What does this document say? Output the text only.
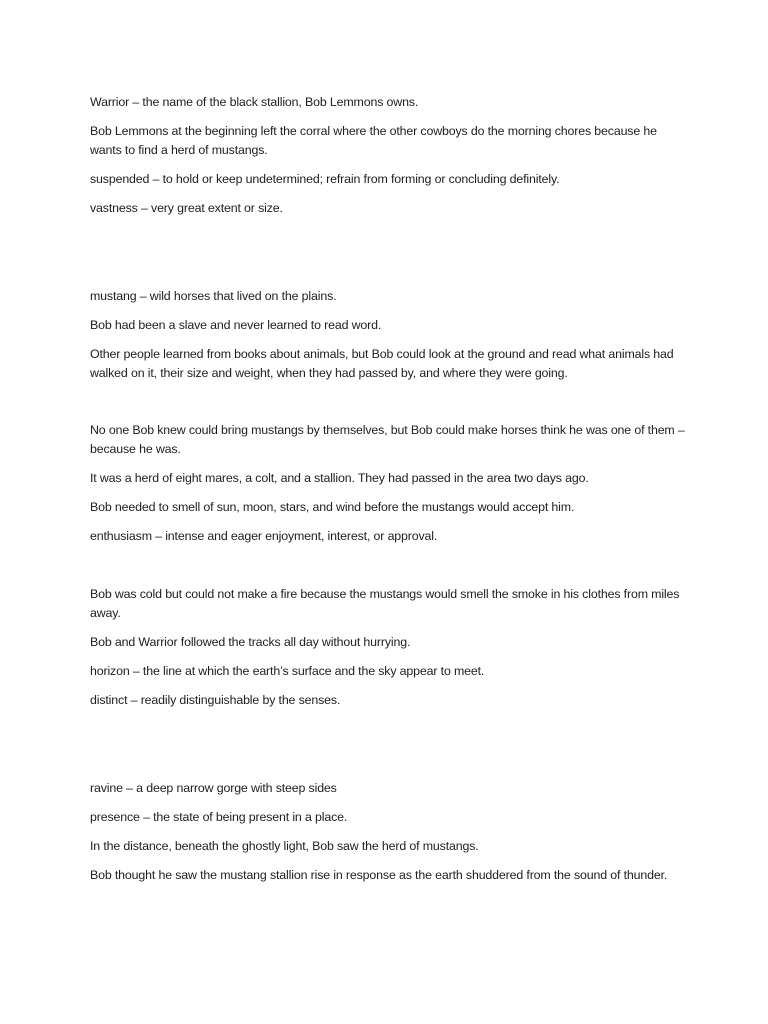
Warrior – the name of the black stallion, Bob Lemmons owns.

Bob Lemmons at the beginning left the corral where the other cowboys do the morning chores because he wants to find a herd of mustangs.

suspended – to hold or keep undetermined; refrain from forming or concluding definitely.

vastness – very great extent or size.

mustang – wild horses that lived on the plains.

Bob had been a slave and never learned to read word.

Other people learned from books about animals, but Bob could look at the ground and read what animals had walked on it, their size and weight, when they had passed by, and where they were going.

No one Bob knew could bring mustangs by themselves, but Bob could make horses think he was one of them – because he was.

It was a herd of eight mares, a colt, and a stallion. They had passed in the area two days ago.

Bob needed to smell of sun, moon, stars, and wind before the mustangs would accept him.

enthusiasm – intense and eager enjoyment, interest, or approval.

Bob was cold but could not make a fire because the mustangs would smell the smoke in his clothes from miles away.

Bob and Warrior followed the tracks all day without hurrying.

horizon – the line at which the earth’s surface and the sky appear to meet.

distinct – readily distinguishable by the senses.

ravine – a deep narrow gorge with steep sides

presence – the state of being present in a place.

In the distance, beneath the ghostly light, Bob saw the herd of mustangs.

Bob thought he saw the mustang stallion rise in response as the earth shuddered from the sound of thunder.
